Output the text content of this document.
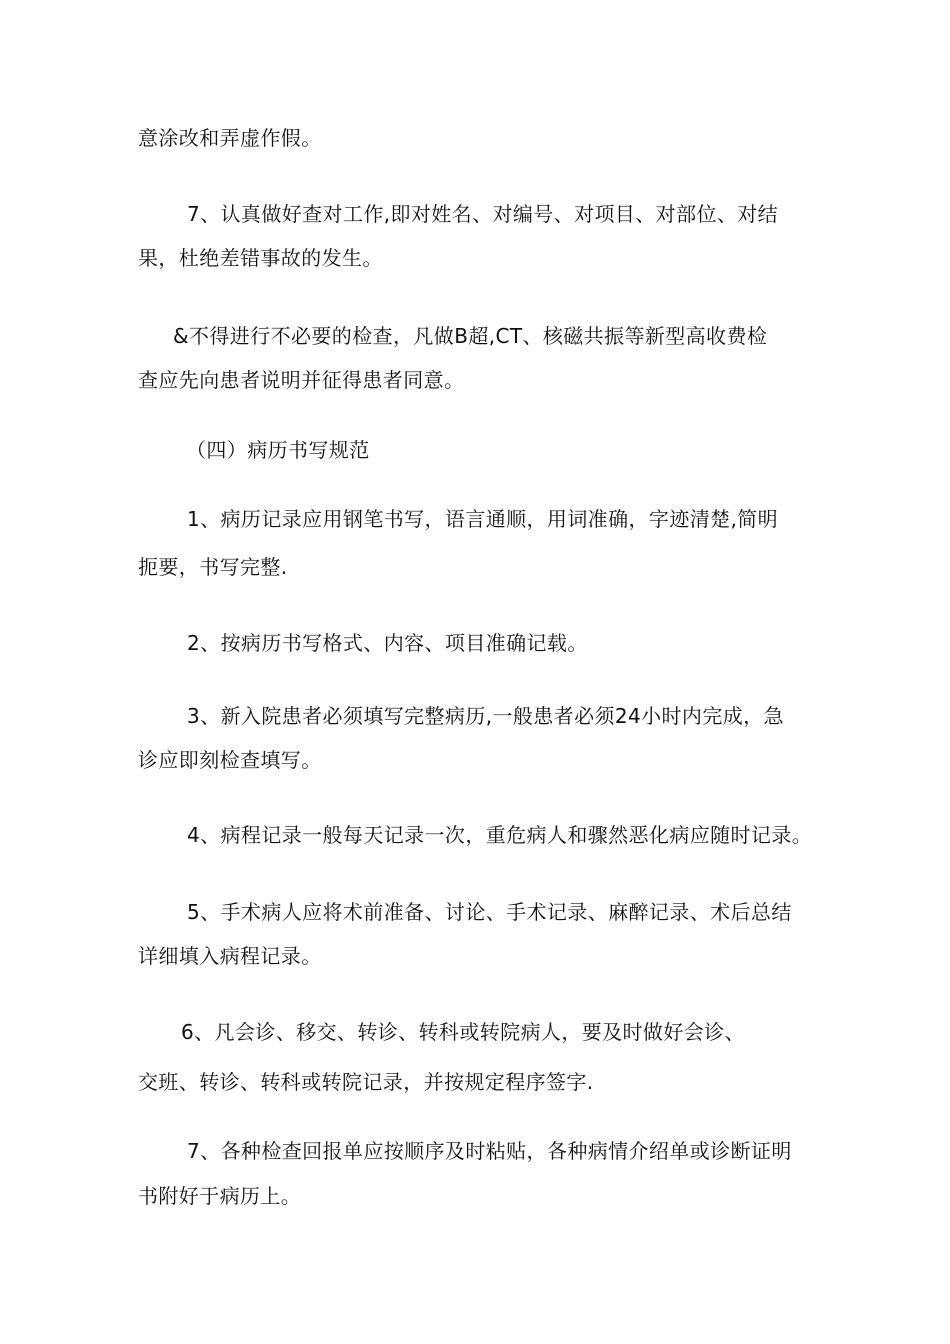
意涂改和弄虚作假。
7、认真做好查对工作,即对姓名、对编号、对项目、对部位、对结
果，杜绝差错事故的发生。
&不得进行不必要的检查，凡做B超,CT、核磁共振等新型高收费检
查应先向患者说明并征得患者同意。
（四）病历书写规范
1、病历记录应用钢笔书写，语言通顺，用词准确，字迹清楚,简明
扼要，书写完整.
2、按病历书写格式、内容、项目准确记载。
3、新入院患者必须填写完整病历,一般患者必须24小时内完成，急
诊应即刻检查填写。
4、病程记录一般每天记录一次，重危病人和骤然恶化病应随时记录。
5、手术病人应将术前准备、讨论、手术记录、麻醉记录、术后总结
详细填入病程记录。
6、凡会诊、移交、转诊、转科或转院病人，要及时做好会诊、
交班、转诊、转科或转院记录，并按规定程序签字.
7、各种检查回报单应按顺序及时粘贴，各种病情介绍单或诊断证明
书附好于病历上。
